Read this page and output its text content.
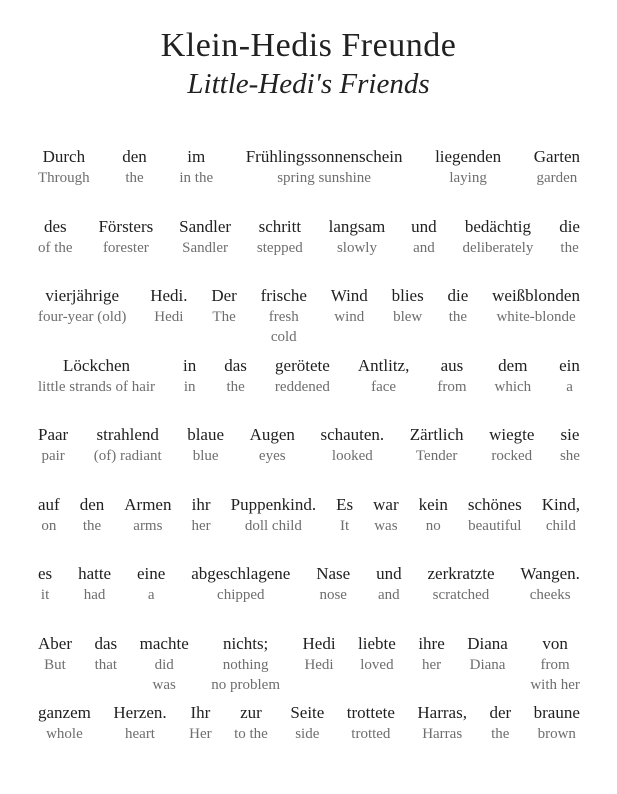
Klein-Hedis Freunde
Little-Hedi's Friends
Durch
Through
den
the
im
in the
Frühlingssonnenschein
spring sunshine
liegenden
laying
Garten
garden
des
of the
Försters
forester
Sandler
Sandler
schritt
stepped
langsam
slowly
und
and
bedächtig
deliberately
die
the
vierjährige
four-year (old)
Hedi.
Hedi
Der
The
frische
fresh
cold
Wind
wind
blies
blew
die
the
weißblonden
white-blonde
Löckchen
little strands of hair
in
in
das
the
gerötete
reddened
Antlitz,
face
aus
from
dem
which
ein
a
Paar
pair
strahlend
(of) radiant
blaue
blue
Augen
eyes
schauten.
looked
Zärtlich
Tender
wiegte
rocked
sie
she
auf
on
den
the
Armen
arms
ihr
her
Puppenkind.
doll child
Es
It
war
was
kein
no
schönes
beautiful
Kind,
child
es
it
hatte
had
eine
a
abgeschlagene
chipped
Nase
nose
und
and
zerkratzte
scratched
Wangen.
cheeks
Aber
But
das
that
machte
did
was
nichts;
nothing
no problem
Hedi
Hedi
liebte
loved
ihre
her
Diana
Diana
von
from
with her
ganzem
whole
Herzen.
heart
Ihr
Her
zur
to the
Seite
side
trottete
trotted
Harras,
Harras
der
the
braune
brown
